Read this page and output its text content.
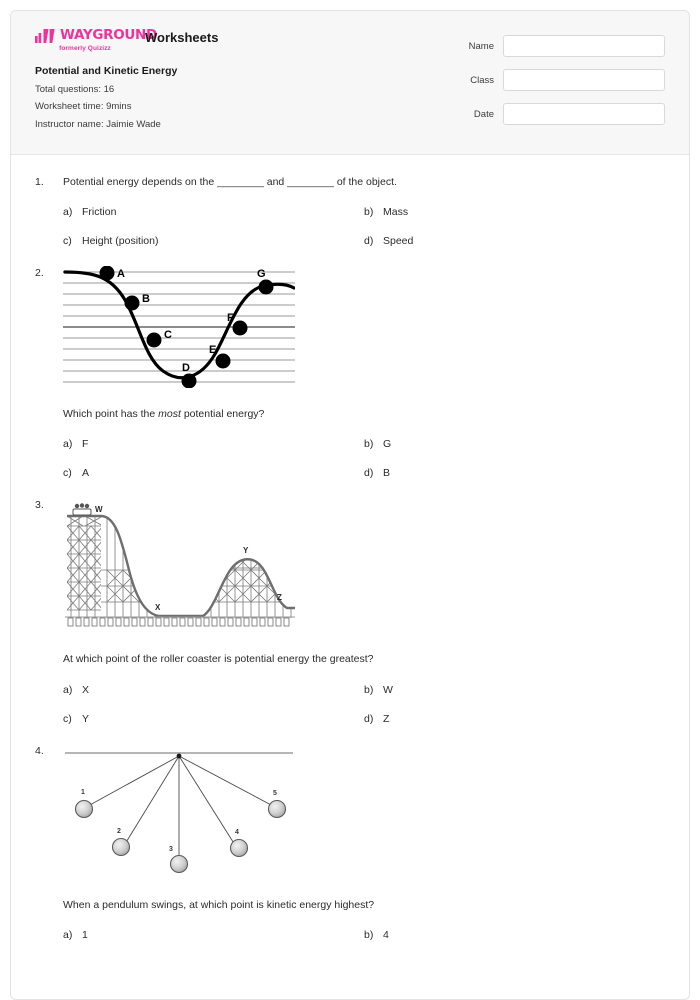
WAYGROUND
formerly Quizizz
Worksheets
Potential and Kinetic Energy
Total questions: 16
Worksheet time: 9mins
Instructor name: Jaimie Wade
Name
Class
Date
1.	Potential energy depends on the ________ and ________ of the object.
a) Friction	b) Mass
c) Height (position)	d) Speed
2.	A
B
C
D
E
F
G
Which point has the most potential energy?
a) F	b) G
c) A	d) B
3.	W
X
Y
Z
At which point of the roller coaster is potential energy the greatest?
a) X	b) W
c) Y	d) Z
4.
1
2
3
4
5
When a pendulum swings, at which point is kinetic energy highest?
a) 1	b) 4
